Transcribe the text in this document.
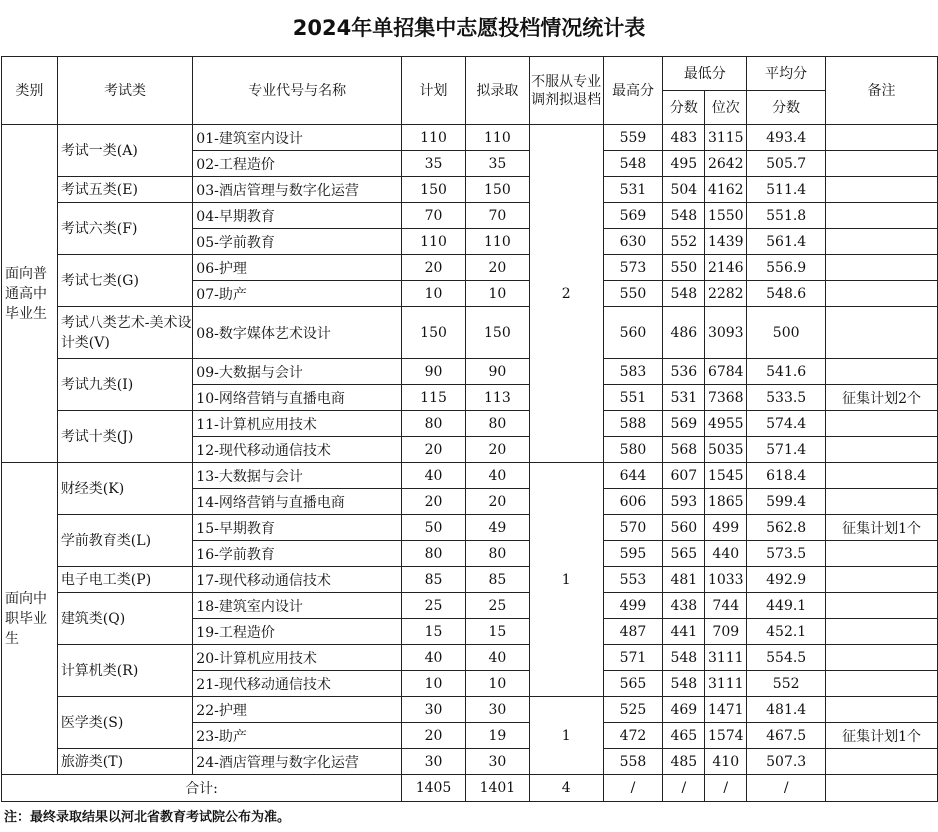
2024年单招集中志愿投档情况统计表
类别	考试类	专业代号与名称	计划	拟录取	不服从专业调剂拟退档	最高分	最低分		平均分	备注
							分数	位次	分数	
面向普通高中毕业生	考试一类(A)	01-建筑室内设计	110	110	2	559	483	3115	493.4	
		02-工程造价	35	35		548	495	2642	505.7	
	考试五类(E)	03-酒店管理与数字化运营	150	150		531	504	4162	511.4	
	考试六类(F)	04-早期教育	70	70		569	548	1550	551.8	
		05-学前教育	110	110		630	552	1439	561.4	
	考试七类(G)	06-护理	20	20		573	550	2146	556.9	
		07-助产	10	10		550	548	2282	548.6	
	考试八类艺术-美术设计类(V)	08-数字媒体艺术设计	150	150		560	486	3093	500	
	考试九类(I)	09-大数据与会计	90	90		583	536	6784	541.6	
		10-网络营销与直播电商	115	113		551	531	7368	533.5	征集计划2个
	考试十类(J)	11-计算机应用技术	80	80		588	569	4955	574.4	
		12-现代移动通信技术	20	20		580	568	5035	571.4	
面向中职毕业生	财经类(K)	13-大数据与会计	40	40	1	644	607	1545	618.4	
		14-网络营销与直播电商	20	20		606	593	1865	599.4	
	学前教育类(L)	15-早期教育	50	49		570	560	499	562.8	征集计划1个
		16-学前教育	80	80		595	565	440	573.5	
	电子电工类(P)	17-现代移动通信技术	85	85		553	481	1033	492.9	
	建筑类(Q)	18-建筑室内设计	25	25		499	438	744	449.1	
		19-工程造价	15	15		487	441	709	452.1	
	计算机类(R)	20-计算机应用技术	40	40		571	548	3111	554.5	
		21-现代移动通信技术	10	10		565	548	3111	552	
	医学类(S)	22-护理	30	30	1	525	469	1471	481.4	
		23-助产	20	19		472	465	1574	467.5	征集计划1个
	旅游类(T)	24-酒店管理与数字化运营	30	30		558	485	410	507.3	
合计:			1405	1401	4	/	/	/	/	
注：最终录取结果以河北省教育考试院公布为准。
